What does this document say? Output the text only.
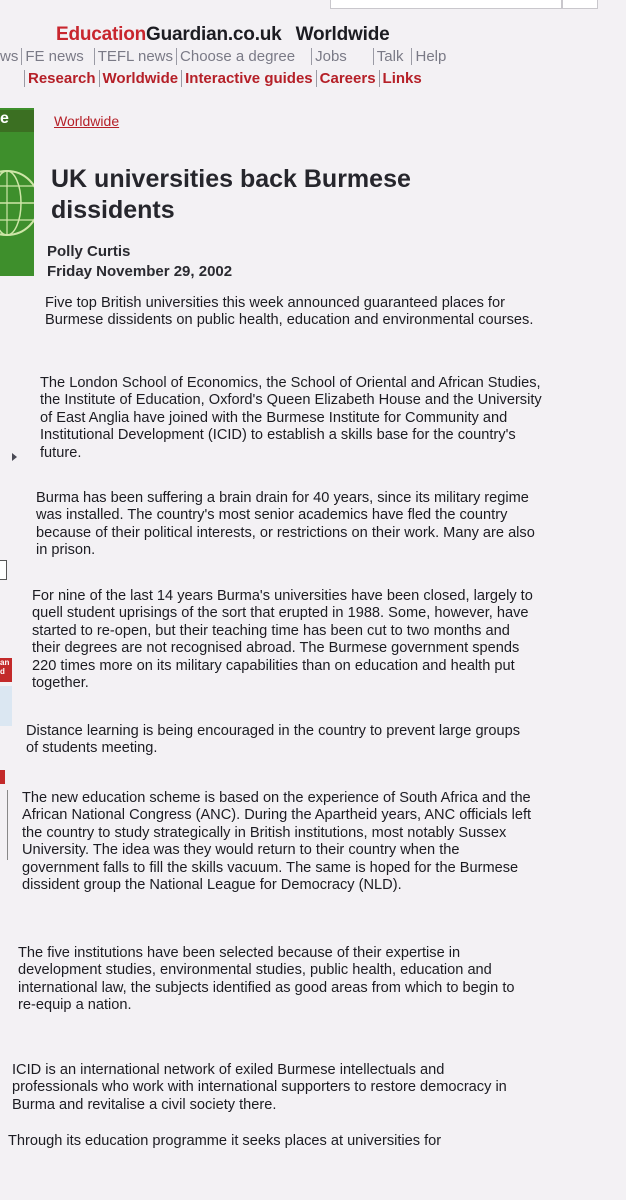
EducationGuardian.co.uk Worldwide
ws FE news TEFL news Choose a degree Jobs Talk Help
Research Worldwide Interactive guides Careers Links
e	Worldwide
UK universities back Burmese dissidents
Polly Curtis
Friday November 29, 2002

Five top British universities this week announced guaranteed places for Burmese dissidents on public health, education and environmental courses.

The London School of Economics, the School of Oriental and African Studies, the Institute of Education, Oxford's Queen Elizabeth House and the University of East Anglia have joined with the Burmese Institute for Community and Institutional Development (ICID) to establish a skills base for the country's future.

Burma has been suffering a brain drain for 40 years, since its military regime was installed. The country's most senior academics have fled the country because of their political interests, or restrictions on their work. Many are also in prison.

For nine of the last 14 years Burma's universities have been closed, largely to quell student uprisings of the sort that erupted in 1988. Some, however, have started to re-open, but their teaching time has been cut to two months and their degrees are not recognised abroad. The Burmese government spends 220 times more on its military capabilities than on education and health put together.

Distance learning is being encouraged in the country to prevent large groups of students meeting.

The new education scheme is based on the experience of South Africa and the African National Congress (ANC). During the Apartheid years, ANC officials left the country to study strategically in British institutions, most notably Sussex University. The idea was they would return to their country when the government falls to fill the skills vacuum. The same is hoped for the Burmese dissident group the National League for Democracy (NLD).

The five institutions have been selected because of their expertise in development studies, environmental studies, public health, education and international law, the subjects identified as good areas from which to begin to re-equip a nation.

ICID is an international network of exiled Burmese intellectuals and professionals who work with international supporters to restore democracy in Burma and revitalise a civil society there.

Through its education programme it seeks places at universities for

an
d
